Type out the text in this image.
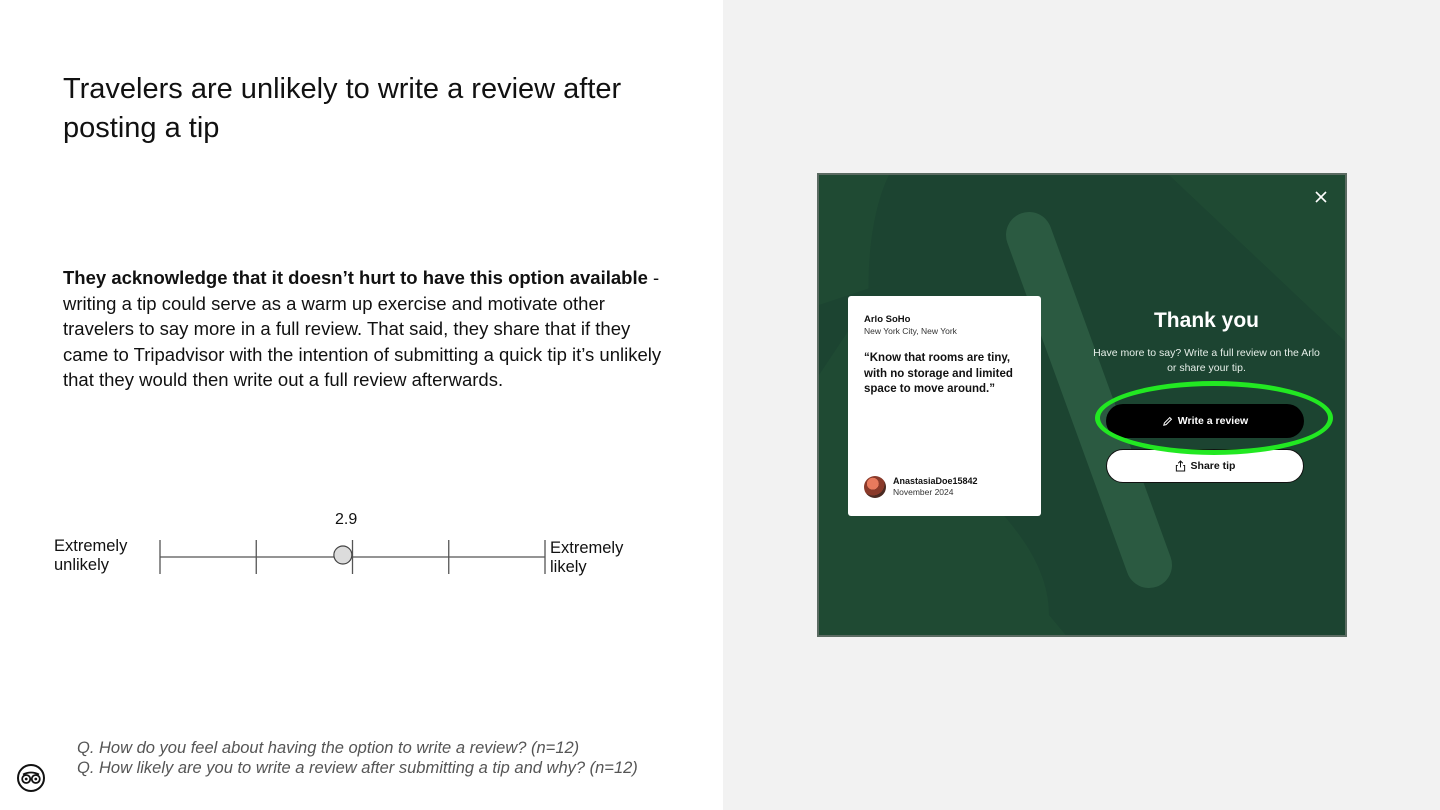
Travelers are unlikely to write a review after posting a tip

They acknowledge that it doesn’t hurt to have this option available - writing a tip could serve as a warm up exercise and motivate other travelers to say more in a full review. That said, they share that if they came to Tripadvisor with the intention of submitting a quick tip it’s unlikely that they would then write out a full review afterwards.

Extremely unlikely
2.9
Extremely likely
Q. How do you feel about having the option to write a review? (n=12)
Q. How likely are you to write a review after submitting a tip and why? (n=12)
Arlo SoHo
New York City, New York
“Know that rooms are tiny, with no storage and limited space to move around.”
AnastasiaDoe15842
November 2024
Thank you
Have more to say? Write a full review on the Arlo or share your tip.
Write a review
Share tip
